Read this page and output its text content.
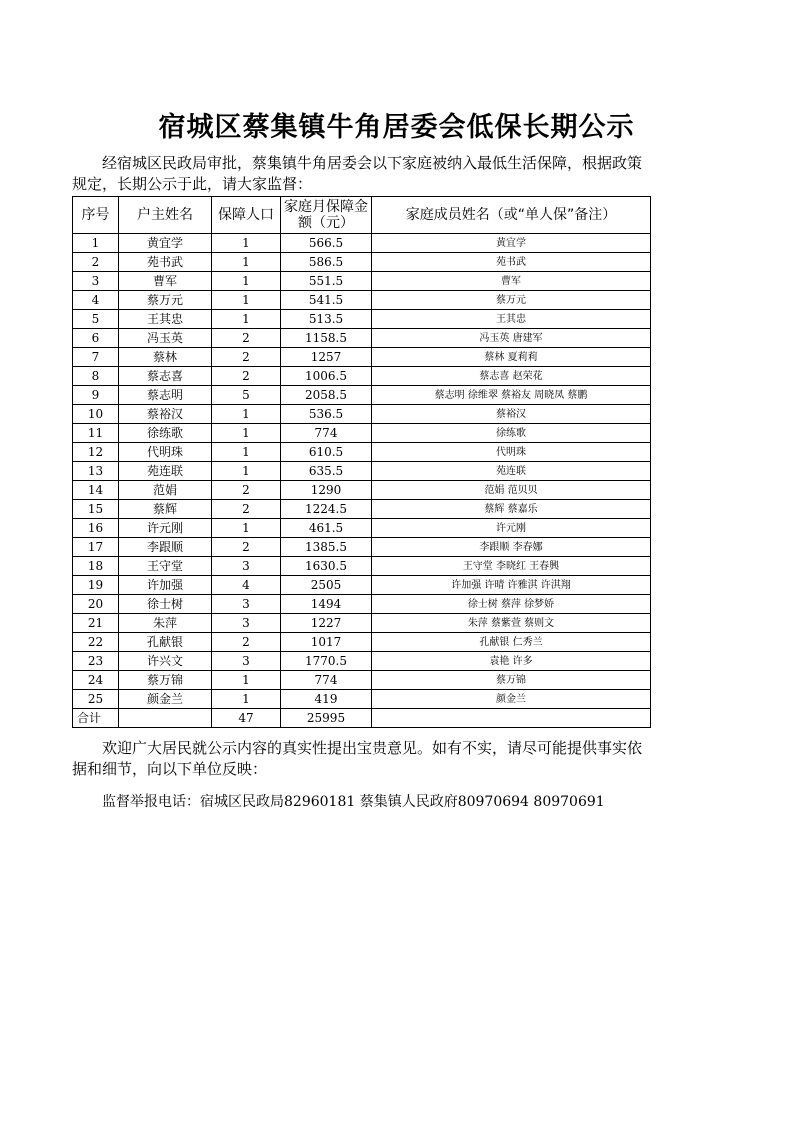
宿城区蔡集镇牛角居委会低保长期公示
经宿城区民政局审批，蔡集镇牛角居委会以下家庭被纳入最低生活保障，根据政策规定，长期公示于此，请大家监督：
序号	户主姓名	保障人口	家庭月保障金额（元）	家庭成员姓名（或“单人保”备注）
1	黄宜学	1	566.5	黄宜学
2	苑书武	1	586.5	苑书武
3	曹军	1	551.5	曹军
4	蔡万元	1	541.5	蔡万元
5	王其忠	1	513.5	王其忠
6	冯玉英	2	1158.5	冯玉英 唐建军
7	蔡林	2	1257	蔡林 夏莉莉
8	蔡志喜	2	1006.5	蔡志喜 赵荣花
9	蔡志明	5	2058.5	蔡志明 徐维翠 蔡裕友 周晓凤 蔡鹏
10	蔡裕汉	1	536.5	蔡裕汉
11	徐练歌	1	774	徐练歌
12	代明珠	1	610.5	代明珠
13	苑连联	1	635.5	苑连联
14	范娟	2	1290	范娟 范贝贝
15	蔡辉	2	1224.5	蔡辉 蔡嘉乐
16	许元刚	1	461.5	许元刚
17	李跟顺	2	1385.5	李跟顺 李春娜
18	王守堂	3	1630.5	王守堂 李晓红 王春興
19	许加强	4	2505	许加强 许晴 许雅淇 许淇翔
20	徐士树	3	1494	徐士树 蔡萍 徐梦娇
21	朱萍	3	1227	朱萍 蔡紫萱 蔡则文
22	孔献银	2	1017	孔献银 仁秀兰
23	许兴文	3	1770.5	袁艳 许多
24	蔡万锦	1	774	蔡万锦
25	颜金兰	1	419	颜金兰
合计		47	25995	
欢迎广大居民就公示内容的真实性提出宝贵意见。如有不实，请尽可能提供事实依据和细节，向以下单位反映：
监督举报电话：宿城区民政局82960181 蔡集镇人民政府80970694 80970691
